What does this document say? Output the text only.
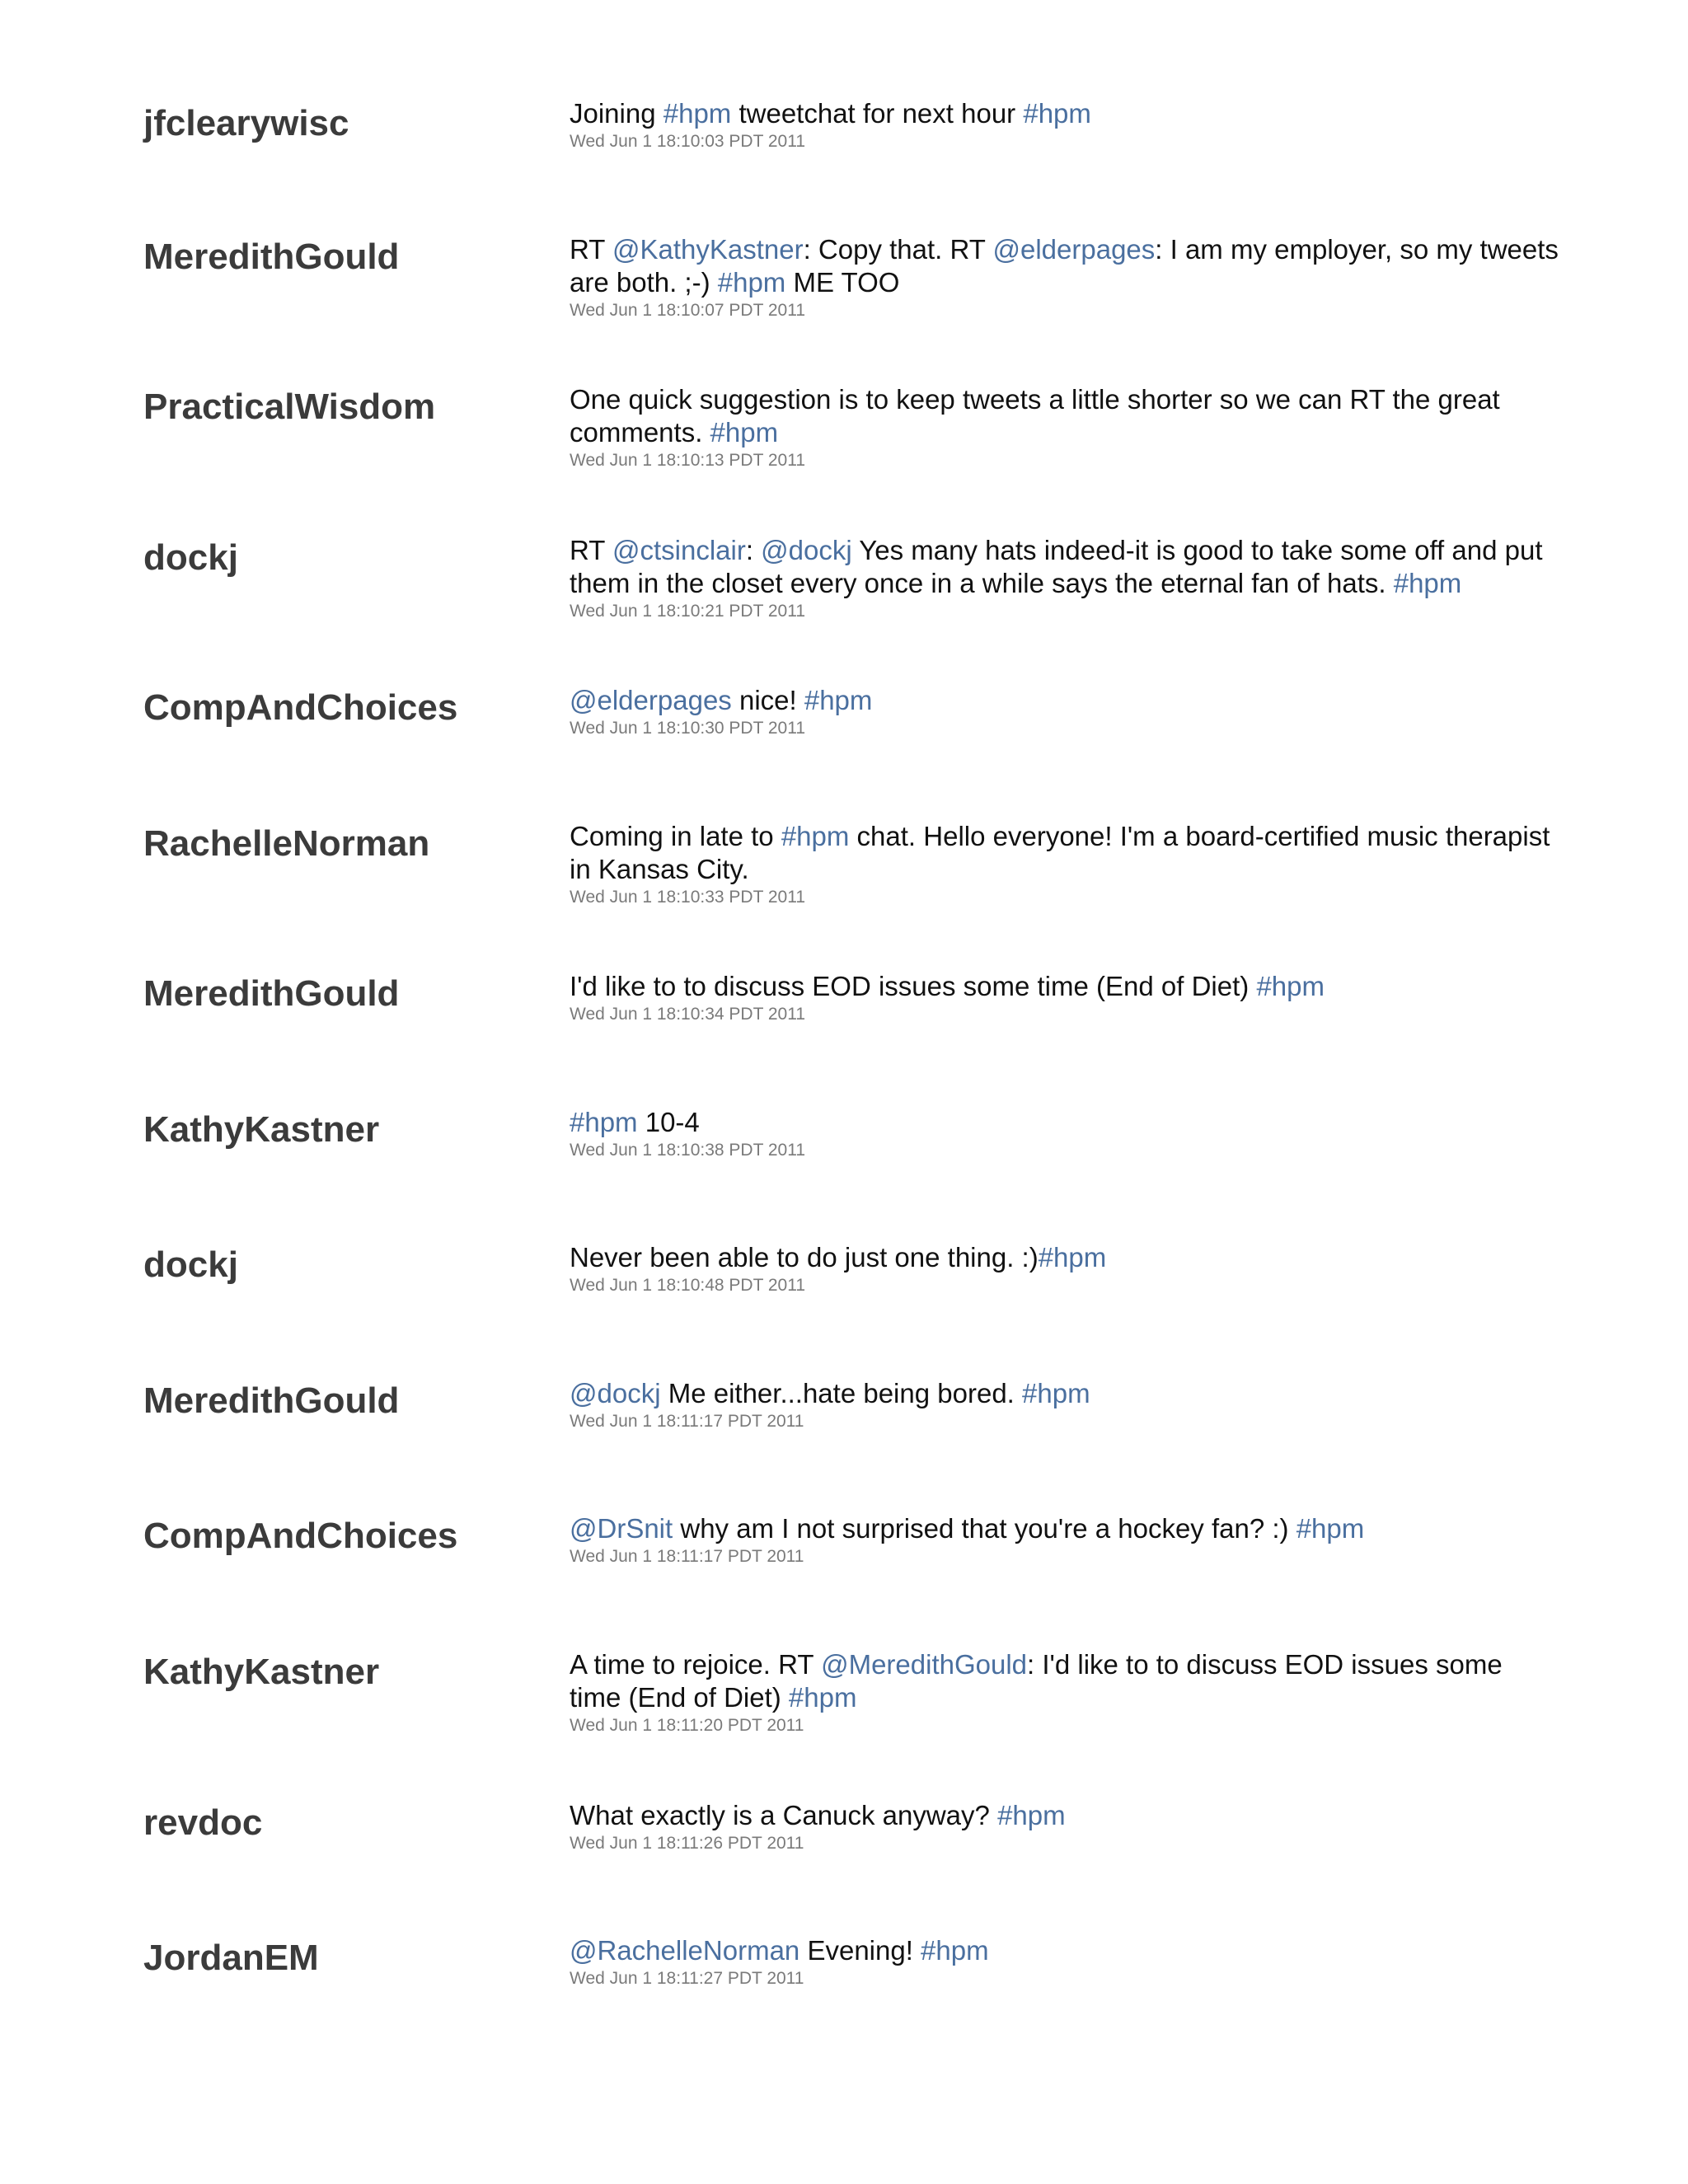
jfclearywisc	Joining #hpm tweetchat for next hour #hpm

Wed Jun 1 18:10:03 PDT 2011
MeredithGould	RT @KathyKastner: Copy that. RT @elderpages: I am my employer, so my tweets are both. ;-) #hpm ME TOO

Wed Jun 1 18:10:07 PDT 2011
PracticalWisdom	One quick suggestion is to keep tweets a little shorter so we can RT the great comments. #hpm

Wed Jun 1 18:10:13 PDT 2011
dockj	RT @ctsinclair: @dockj Yes many hats indeed-it is good to take some off and put them in the closet every once in a while says the eternal fan of hats. #hpm

Wed Jun 1 18:10:21 PDT 2011
CompAndChoices	@elderpages nice! #hpm

Wed Jun 1 18:10:30 PDT 2011
RachelleNorman	Coming in late to #hpm chat. Hello everyone! I'm a board-certified music therapist in Kansas City.

Wed Jun 1 18:10:33 PDT 2011
MeredithGould	I'd like to to discuss EOD issues some time (End of Diet) #hpm

Wed Jun 1 18:10:34 PDT 2011
KathyKastner	#hpm 10-4

Wed Jun 1 18:10:38 PDT 2011
dockj	Never been able to do just one thing. :)#hpm

Wed Jun 1 18:10:48 PDT 2011
MeredithGould	@dockj Me either...hate being bored. #hpm

Wed Jun 1 18:11:17 PDT 2011
CompAndChoices	@DrSnit why am I not surprised that you're a hockey fan? :) #hpm

Wed Jun 1 18:11:17 PDT 2011
KathyKastner	A time to rejoice. RT @MeredithGould: I'd like to to discuss EOD issues some time (End of Diet) #hpm

Wed Jun 1 18:11:20 PDT 2011
revdoc	What exactly is a Canuck anyway? #hpm

Wed Jun 1 18:11:26 PDT 2011
JordanEM	@RachelleNorman Evening! #hpm

Wed Jun 1 18:11:27 PDT 2011
